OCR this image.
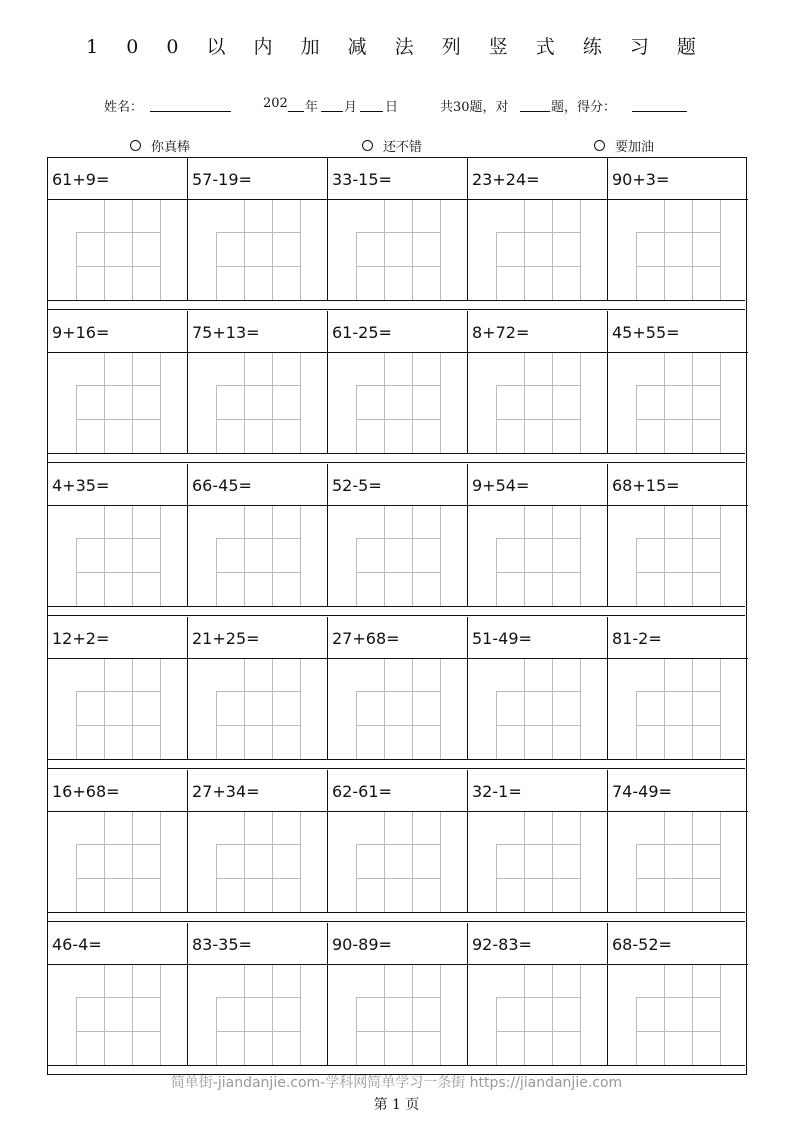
1 0 0 以 内 加 减 法 列 竖 式 练 习 题
姓名：	202 年 月 日	共30题，对	题，得分：
你真棒	还不错	要加油
61+9=	57-19=	33-15=	23+24=	90+3=
9+16=	75+13=	61-25=	8+72=	45+55=
4+35=	66-45=	52-5=	9+54=	68+15=
12+2=	21+25=	27+68=	51-49=	81-2=
16+68=	27+34=	62-61=	32-1=	74-49=
46-4=	83-35=	90-89=	92-83=	68-52=
简单街-jiandanjie.com-学科网简单学习一条街 https://jiandanjie.com
第 1 页
